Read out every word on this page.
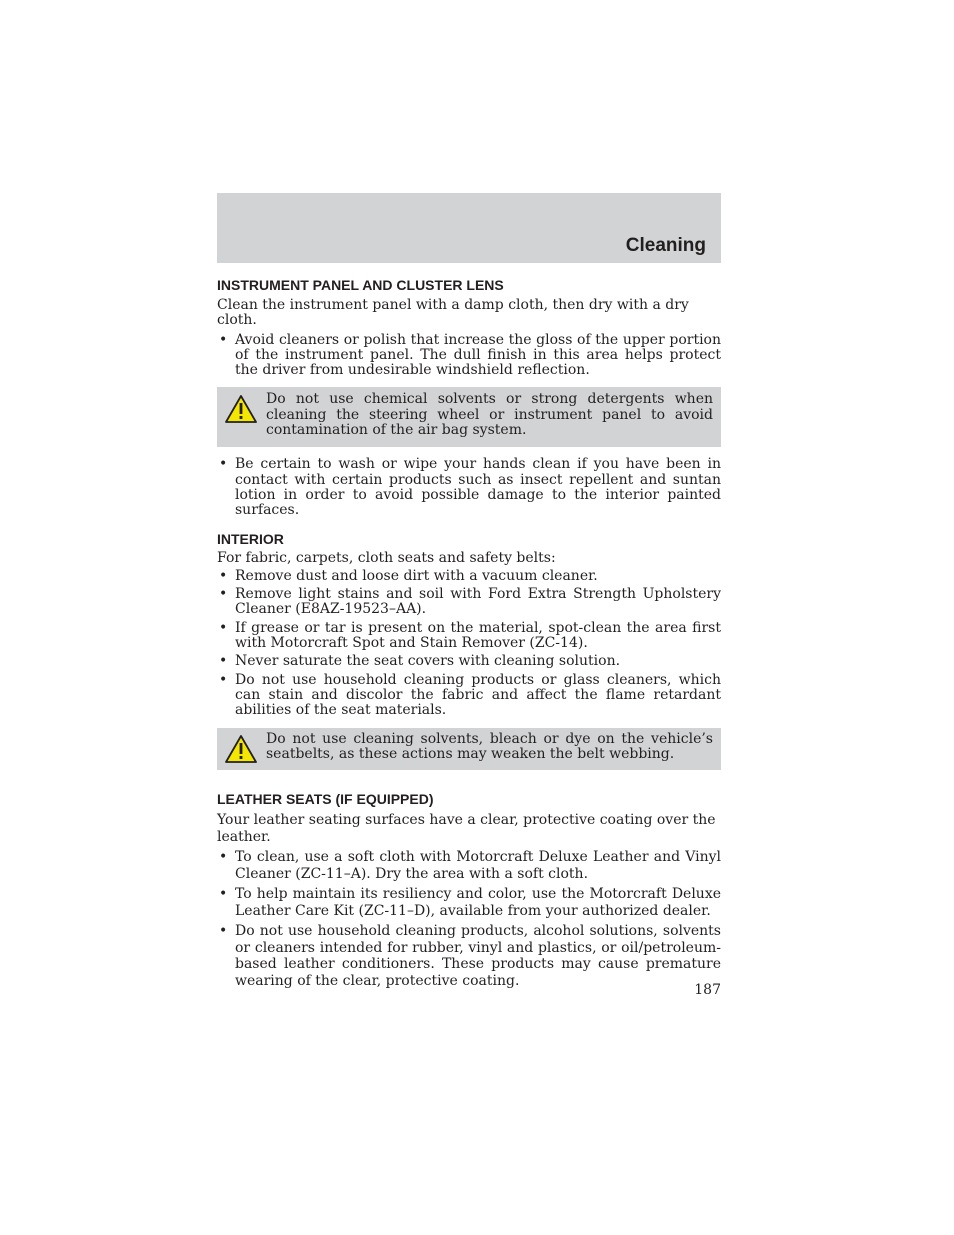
Cleaning
INSTRUMENT PANEL AND CLUSTER LENS

Clean the instrument panel with a damp cloth, then dry with a dry cloth.

• Avoid cleaners or polish that increase the gloss of the upper portion of the instrument panel. The dull finish in this area helps protect the driver from undesirable windshield reflection.
Do not use chemical solvents or strong detergents when cleaning the steering wheel or instrument panel to avoid contamination of the air bag system.
• Be certain to wash or wipe your hands clean if you have been in contact with certain products such as insect repellent and suntan lotion in order to avoid possible damage to the interior painted surfaces.
INTERIOR

For fabric, carpets, cloth seats and safety belts:

• Remove dust and loose dirt with a vacuum cleaner.
• Remove light stains and soil with Ford Extra Strength Upholstery Cleaner (E8AZ-19523–AA).
• If grease or tar is present on the material, spot-clean the area first with Motorcraft Spot and Stain Remover (ZC-14).
• Never saturate the seat covers with cleaning solution.
• Do not use household cleaning products or glass cleaners, which can stain and discolor the fabric and affect the flame retardant abilities of the seat materials.
Do not use cleaning solvents, bleach or dye on the vehicle’s seatbelts, as these actions may weaken the belt webbing.
LEATHER SEATS (IF EQUIPPED)

Your leather seating surfaces have a clear, protective coating over the leather.

• To clean, use a soft cloth with Motorcraft Deluxe Leather and Vinyl Cleaner (ZC-11–A). Dry the area with a soft cloth.
• To help maintain its resiliency and color, use the Motorcraft Deluxe Leather Care Kit (ZC-11–D), available from your authorized dealer.
• Do not use household cleaning products, alcohol solutions, solvents or cleaners intended for rubber, vinyl and plastics, or oil/petroleum-based leather conditioners. These products may cause premature wearing of the clear, protective coating.
187
